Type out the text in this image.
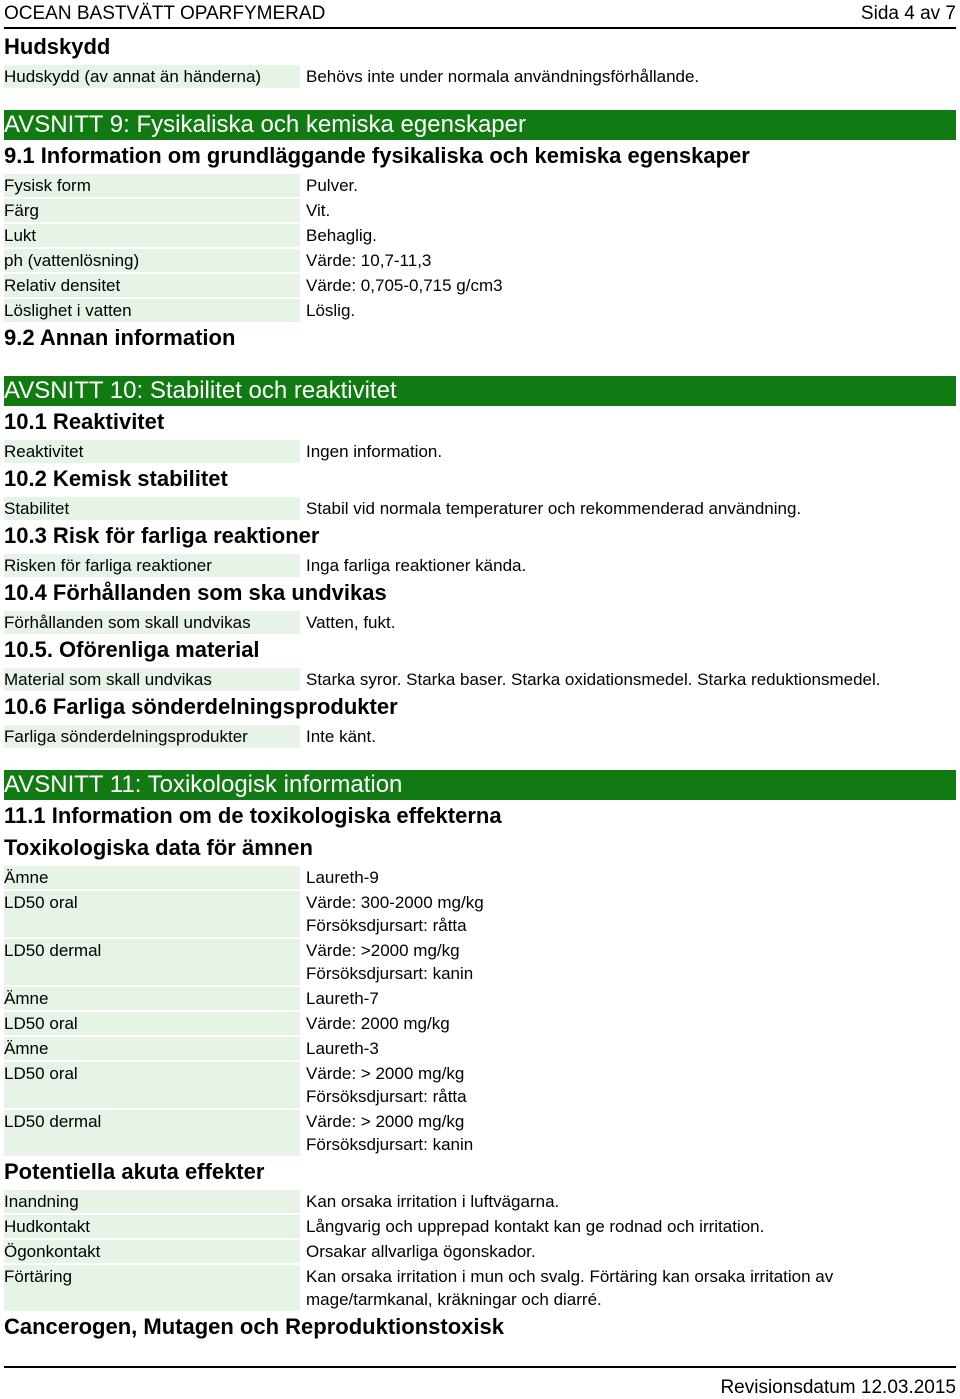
OCEAN BASTVÄTT OPARFYMERAD	Sida 4 av 7
Hudskydd
Hudskydd (av annat än händerna)	Behövs inte under normala användningsförhållande.
AVSNITT 9: Fysikaliska och kemiska egenskaper
9.1 Information om grundläggande fysikaliska och kemiska egenskaper
Fysisk form	Pulver.
Färg	Vit.
Lukt	Behaglig.
ph (vattenlösning)	Värde: 10,7-11,3
Relativ densitet	Värde: 0,705-0,715 g/cm3
Löslighet i vatten	Löslig.
9.2 Annan information
AVSNITT 10: Stabilitet och reaktivitet
10.1 Reaktivitet
Reaktivitet	Ingen information.
10.2 Kemisk stabilitet
Stabilitet	Stabil vid normala temperaturer och rekommenderad användning.
10.3 Risk för farliga reaktioner
Risken för farliga reaktioner	Inga farliga reaktioner kända.
10.4 Förhållanden som ska undvikas
Förhållanden som skall undvikas	Vatten, fukt.
10.5. Oförenliga material
Material som skall undvikas	Starka syror. Starka baser. Starka oxidationsmedel. Starka reduktionsmedel.
10.6 Farliga sönderdelningsprodukter
Farliga sönderdelningsprodukter	Inte känt.
AVSNITT 11: Toxikologisk information
11.1 Information om de toxikologiska effekterna
Toxikologiska data för ämnen
Ämne	Laureth-9
LD50 oral	Värde: 300-2000 mg/kg
Försöksdjursart: råtta
LD50 dermal	Värde: >2000 mg/kg
Försöksdjursart: kanin
Ämne	Laureth-7
LD50 oral	Värde: 2000 mg/kg
Ämne	Laureth-3
LD50 oral	Värde: > 2000 mg/kg
Försöksdjursart: råtta
LD50 dermal	Värde: > 2000 mg/kg
Försöksdjursart: kanin
Potentiella akuta effekter
Inandning	Kan orsaka irritation i luftvägarna.
Hudkontakt	Långvarig och upprepad kontakt kan ge rodnad och irritation.
Ögonkontakt	Orsakar allvarliga ögonskador.
Förtäring	Kan orsaka irritation i mun och svalg. Förtäring kan orsaka irritation av
mage/tarmkanal, kräkningar och diarré.
Cancerogen, Mutagen och Reproduktionstoxisk
Revisionsdatum 12.03.2015
